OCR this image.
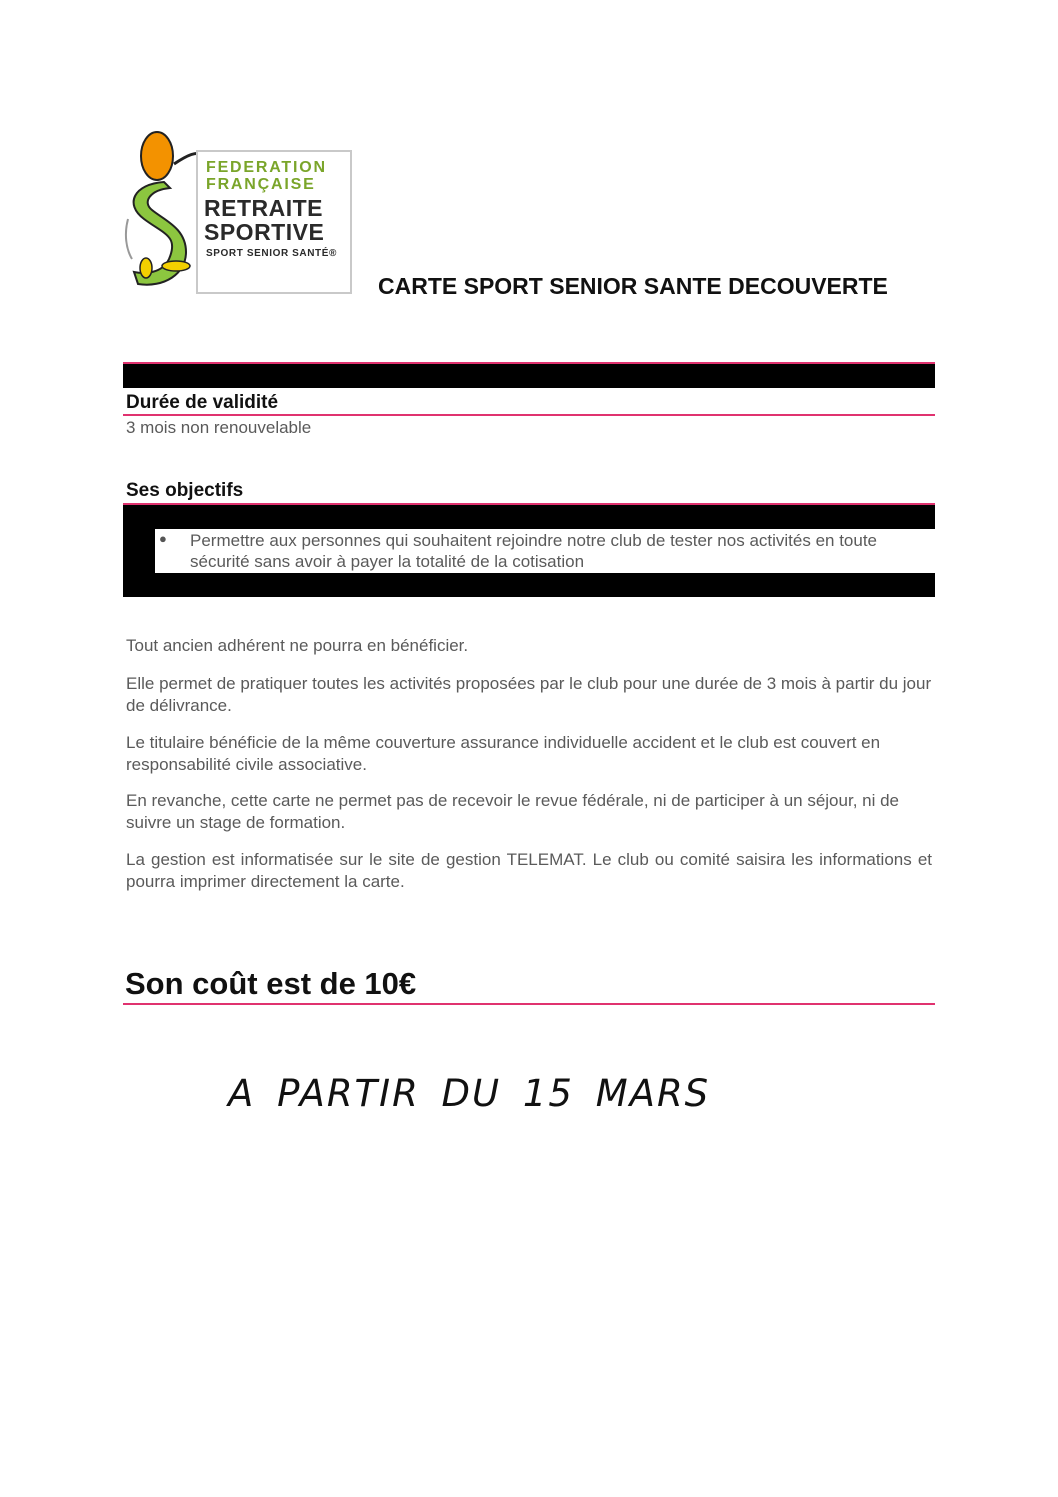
FEDERATION
FRANÇAISE
RETRAITE
SPORTIVE
SPORT SENIOR SANTÉ®
CARTE SPORT SENIOR SANTE DECOUVERTE
Durée de validité
3 mois non renouvelable
Ses objectifs
● Permettre aux personnes qui souhaitent rejoindre notre club de tester nos activités en toute sécurité sans avoir à payer la totalité de la cotisation

Tout ancien adhérent ne pourra en bénéficier.

Elle permet de pratiquer toutes les activités proposées par le club pour une durée de 3 mois à partir du jour de délivrance.

Le titulaire bénéficie de la même couverture assurance individuelle accident et le club est couvert en responsabilité civile associative.

En revanche, cette carte ne permet pas de recevoir le revue fédérale, ni de participer à un séjour, ni de suivre un stage de formation.

La gestion est informatisée sur le site de gestion TELEMAT. Le club ou comité saisira les informations et pourra imprimer directement la carte.

Son coût est de 10€
A PARTIR DU 15 MARS
